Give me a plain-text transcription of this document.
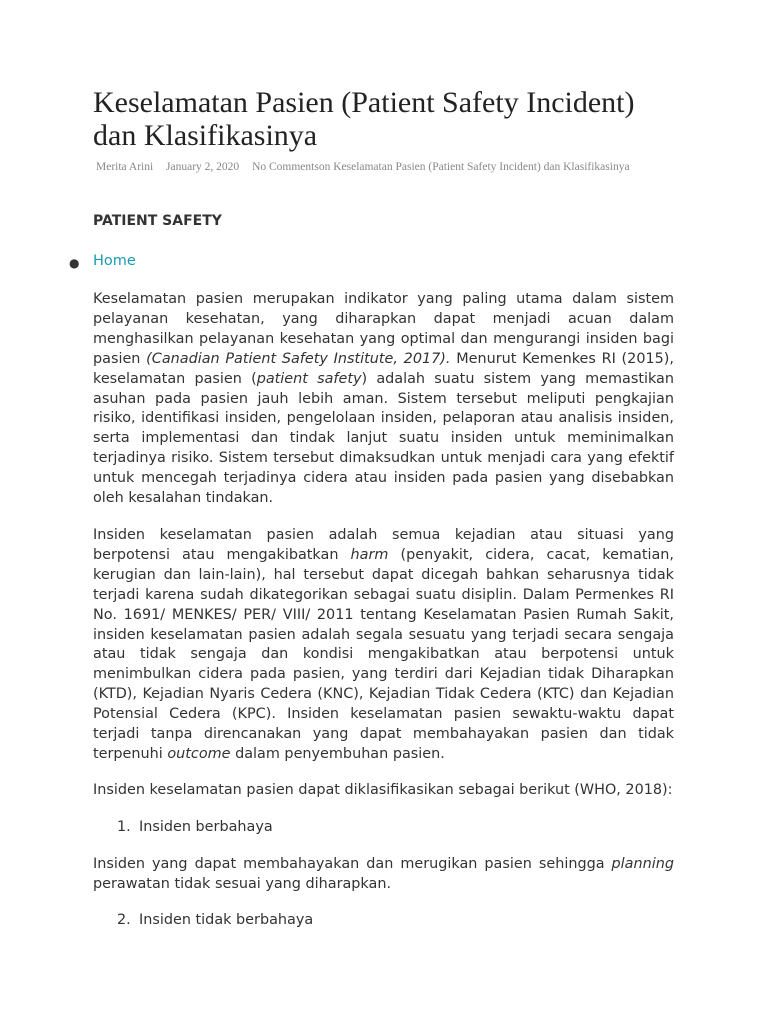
Keselamatan Pasien (Patient Safety Incident)
dan Klasifikasinya
Merita Arini January 2, 2020 No Commentson Keselamatan Pasien (Patient Safety Incident) dan Klasifikasinya
PATIENT SAFETY
● Home

Keselamatan pasien merupakan indikator yang paling utama dalam sistem pelayanan kesehatan, yang diharapkan dapat menjadi acuan dalam menghasilkan pelayanan kesehatan yang optimal dan mengurangi insiden bagi pasien (Canadian Patient Safety Institute, 2017). Menurut Kemenkes RI (2015), keselamatan pasien (patient safety) adalah suatu sistem yang memastikan asuhan pada pasien jauh lebih aman. Sistem tersebut meliputi pengkajian risiko, identifikasi insiden, pengelolaan insiden, pelaporan atau analisis insiden, serta implementasi dan tindak lanjut suatu insiden untuk meminimalkan terjadinya risiko. Sistem tersebut dimaksudkan untuk menjadi cara yang efektif untuk mencegah terjadinya cidera atau insiden pada pasien yang disebabkan oleh kesalahan tindakan.

Insiden keselamatan pasien adalah semua kejadian atau situasi yang berpotensi atau mengakibatkan harm (penyakit, cidera, cacat, kematian, kerugian dan lain-lain), hal tersebut dapat dicegah bahkan seharusnya tidak terjadi karena sudah dikategorikan sebagai suatu disiplin. Dalam Permenkes RI No. 1691/ MENKES/ PER/ VIII/ 2011 tentang Keselamatan Pasien Rumah Sakit, insiden keselamatan pasien adalah segala sesuatu yang terjadi secara sengaja atau tidak sengaja dan kondisi mengakibatkan atau berpotensi untuk menimbulkan cidera pada pasien, yang terdiri dari Kejadian tidak Diharapkan (KTD), Kejadian Nyaris Cedera (KNC), Kejadian Tidak Cedera (KTC) dan Kejadian Potensial Cedera (KPC). Insiden keselamatan pasien sewaktu-waktu dapat terjadi tanpa direncanakan yang dapat membahayakan pasien dan tidak terpenuhi outcome dalam penyembuhan pasien.

Insiden keselamatan pasien dapat diklasifikasikan sebagai berikut (WHO, 2018):

1. Insiden berbahaya

Insiden yang dapat membahayakan dan merugikan pasien sehingga planning perawatan tidak sesuai yang diharapkan.

2. Insiden tidak berbahaya
